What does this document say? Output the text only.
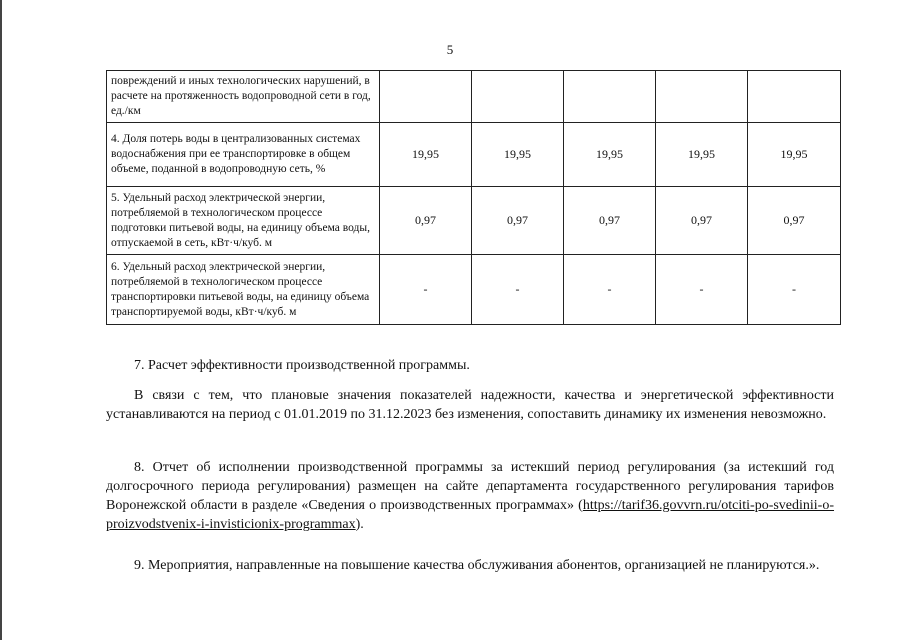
5
повреждений и иных технологических нарушений, в расчете на протяженность водопроводной сети в год, ед./км					
4. Доля потерь воды в централизованных системах водоснабжения при ее транспортировке в общем объеме, поданной в водопроводную сеть, %	19,95	19,95	19,95	19,95	19,95
5. Удельный расход электрической энергии, потребляемой в технологическом процессе подготовки питьевой воды, на единицу объема воды, отпускаемой в сеть, кВт·ч/куб. м	0,97	0,97	0,97	0,97	0,97
6. Удельный расход электрической энергии, потребляемой в технологическом процессе транспортировки питьевой воды, на единицу объема транспортируемой воды, кВт·ч/куб. м	-	-	-	-	-

7. Расчет эффективности производственной программы.

В связи с тем, что плановые значения показателей надежности, качества и энергетической эффективности устанавливаются на период с 01.01.2019 по 31.12.2023 без изменения, сопоставить динамику их изменения невозможно.

8. Отчет об исполнении производственной программы за истекший период регулирования (за истекший год долгосрочного периода регулирования) размещен на сайте департамента государственного регулирования тарифов Воронежской области в разделе «Сведения о производственных программах» (https://tarif36.govvrn.ru/otciti-po-svedinii-o-proizvodstvenix-i-invisticionix-programmax).

9. Мероприятия, направленные на повышение качества обслуживания абонентов, организацией не планируются.».
